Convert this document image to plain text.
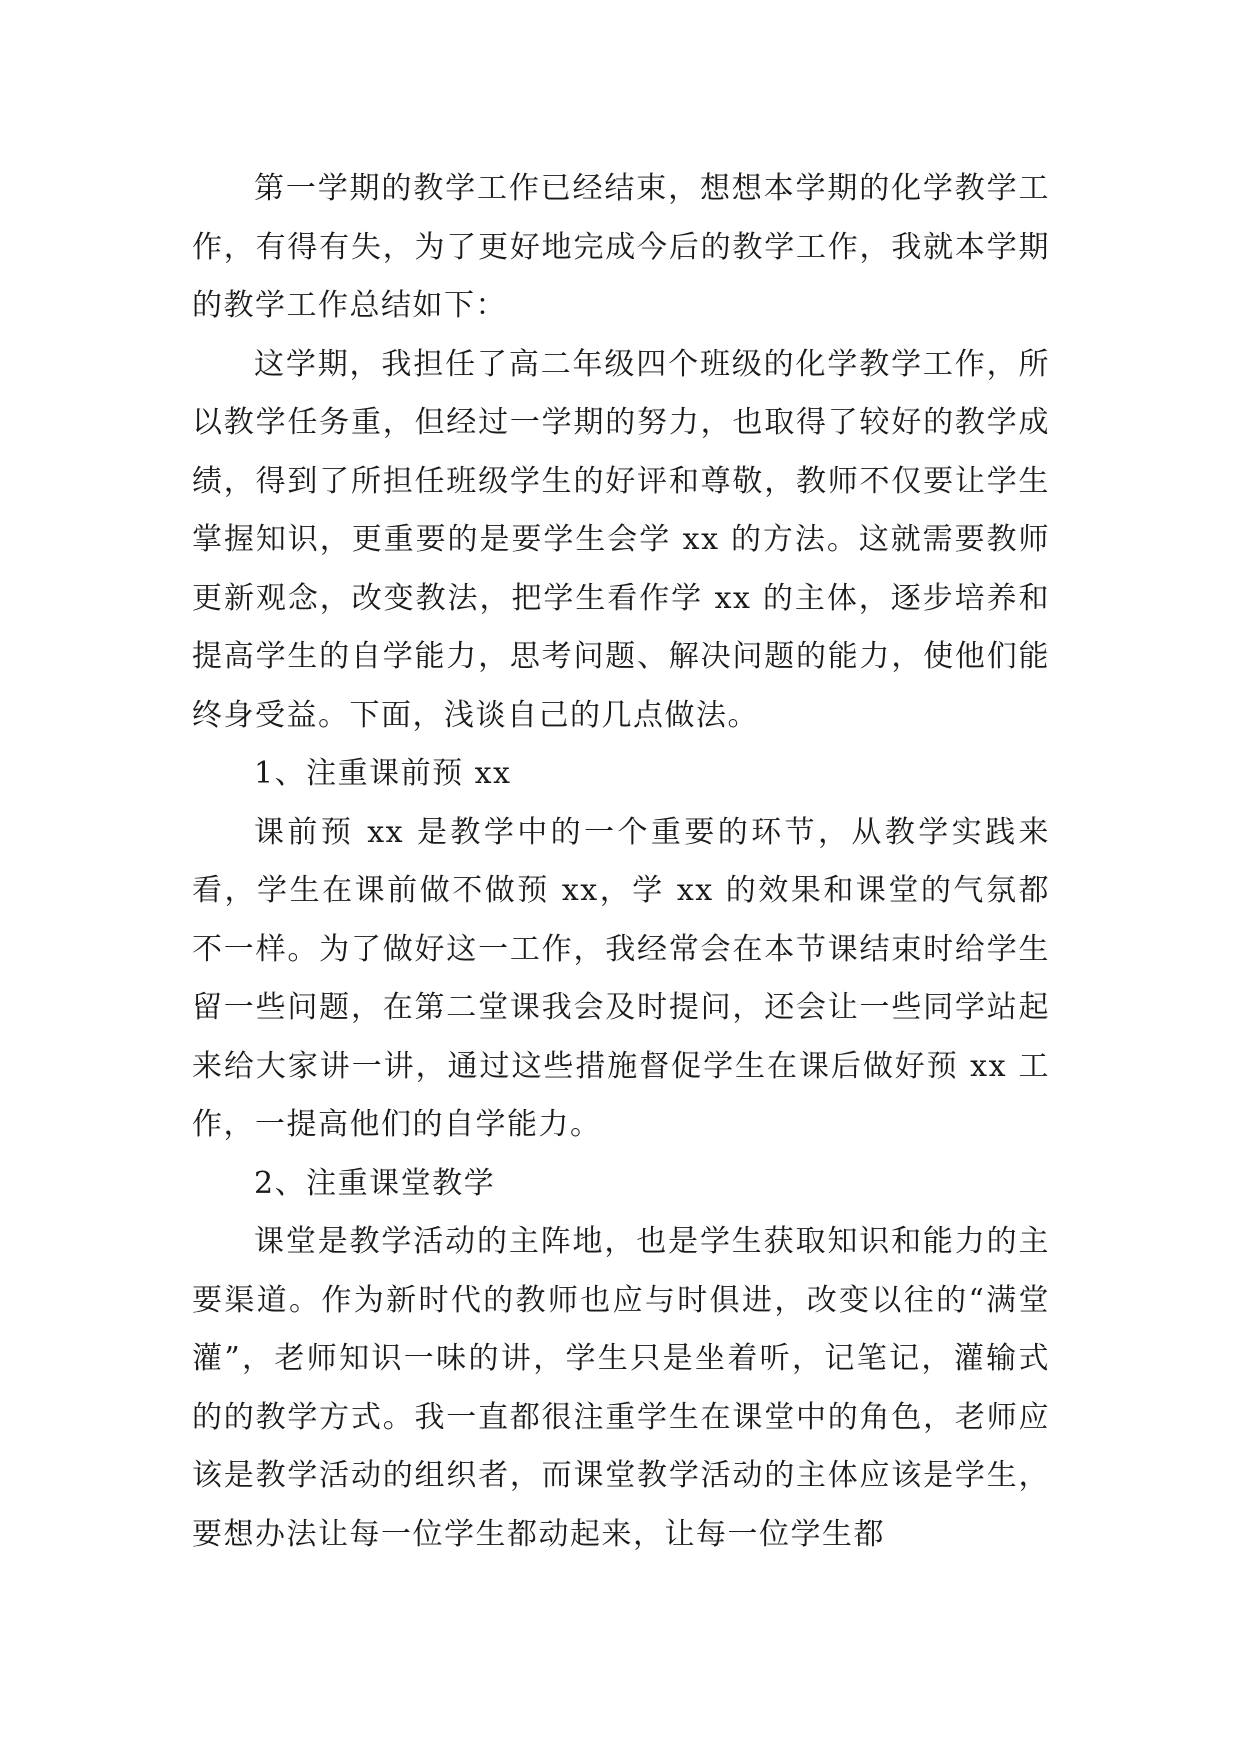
第一学期的教学工作已经结束，想想本学期的化学教学工作，有得有失，为了更好地完成今后的教学工作，我就本学期的教学工作总结如下：

这学期，我担任了高二年级四个班级的化学教学工作，所以教学任务重，但经过一学期的努力，也取得了较好的教学成绩，得到了所担任班级学生的好评和尊敬，教师不仅要让学生掌握知识，更重要的是要学生会学 xx 的方法。这就需要教师更新观念，改变教法，把学生看作学 xx 的主体，逐步培养和提高学生的自学能力，思考问题、解决问题的能力，使他们能终身受益。下面，浅谈自己的几点做法。

1、注重课前预 xx

课前预 xx 是教学中的一个重要的环节，从教学实践来看，学生在课前做不做预 xx，学 xx 的效果和课堂的气氛都不一样。为了做好这一工作，我经常会在本节课结束时给学生留一些问题，在第二堂课我会及时提问，还会让一些同学站起来给大家讲一讲，通过这些措施督促学生在课后做好预 xx 工作，一提高他们的自学能力。

2、注重课堂教学

课堂是教学活动的主阵地，也是学生获取知识和能力的主要渠道。作为新时代的教师也应与时俱进，改变以往的“满堂灌”，老师知识一味的讲，学生只是坐着听，记笔记，灌输式的的教学方式。我一直都很注重学生在课堂中的角色，老师应该是教学活动的组织者，而课堂教学活动的主体应该是学生，要想办法让每一位学生都动起来，让每一位学生都
